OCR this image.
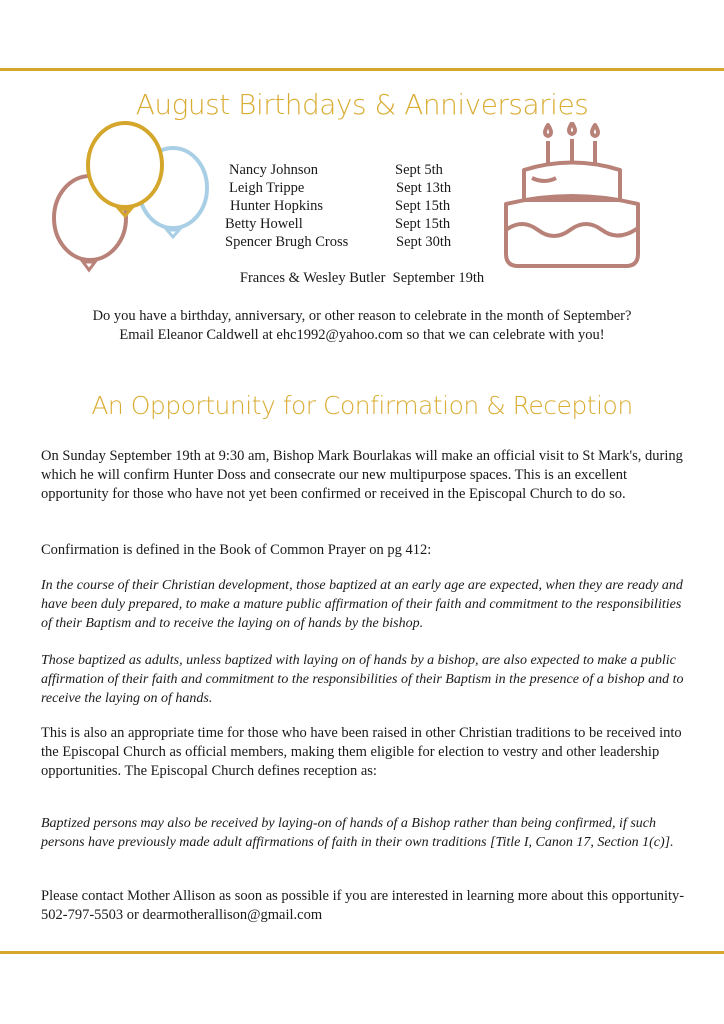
August Birthdays & Anniversaries
Nancy Johnson	Sept 5th
Leigh Trippe	Sept 13th
Hunter Hopkins	Sept 15th
Betty Howell	Sept 15th
Spencer Brugh Cross	Sept 30th
Frances & Wesley Butler  September 19th
Do you have a birthday, anniversary, or other reason to celebrate in the month of September?
Email Eleanor Caldwell at ehc1992@yahoo.com so that we can celebrate with you!
An Opportunity for Confirmation & Reception
On Sunday September 19th at 9:30 am, Bishop Mark Bourlakas will make an official visit to St Mark's, during which he will confirm Hunter Doss and consecrate our new multipurpose spaces. This is an excellent opportunity for those who have not yet been confirmed or received in the Episcopal Church to do so.
Confirmation is defined in the Book of Common Prayer on pg 412:
In the course of their Christian development, those baptized at an early age are expected, when they are ready and have been duly prepared, to make a mature public affirmation of their faith and commitment to the responsibilities of their Baptism and to receive the laying on of hands by the bishop.
Those baptized as adults, unless baptized with laying on of hands by a bishop, are also expected to make a public affirmation of their faith and commitment to the responsibilities of their Baptism in the presence of a bishop and to receive the laying on of hands.
This is also an appropriate time for those who have been raised in other Christian traditions to be received into the Episcopal Church as official members, making them eligible for election to vestry and other leadership opportunities. The Episcopal Church defines reception as:
Baptized persons may also be received by laying-on of hands of a Bishop rather than being confirmed, if such persons have previously made adult affirmations of faith in their own traditions [Title I, Canon 17, Section 1(c)].
Please contact Mother Allison as soon as possible if you are interested in learning more about this opportunity- 502-797-5503 or dearmotherallison@gmail.com
